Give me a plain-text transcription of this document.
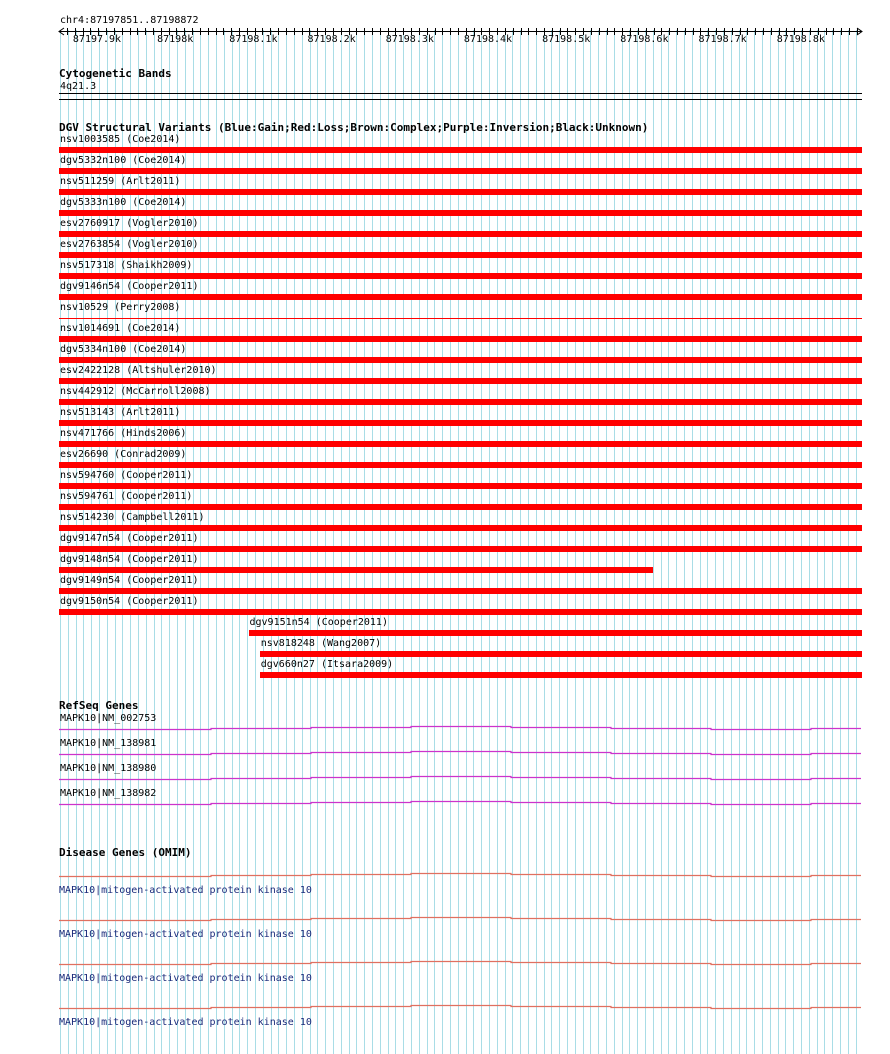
chr4:87197851..87198872
87197.9k	87198k	87198.1k	87198.2k	87198.3k	87198.4k	87198.5k	87198.6k	87198.7k	87198.8k
Cytogenetic Bands
4q21.3
DGV Structural Variants (Blue:Gain;Red:Loss;Brown:Complex;Purple:Inversion;Black:Unknown)
nsv1003585 (Coe2014)
dgv5332n100 (Coe2014)
nsv511259 (Arlt2011)
dgv5333n100 (Coe2014)
esv2760917 (Vogler2010)
esv2763854 (Vogler2010)
nsv517318 (Shaikh2009)
dgv9146n54 (Cooper2011)
nsv10529 (Perry2008)
nsv1014691 (Coe2014)
dgv5334n100 (Coe2014)
esv2422128 (Altshuler2010)
nsv442912 (McCarroll2008)
nsv513143 (Arlt2011)
nsv471766 (Hinds2006)
esv26690 (Conrad2009)
nsv594760 (Cooper2011)
nsv594761 (Cooper2011)
nsv514230 (Campbell2011)
dgv9147n54 (Cooper2011)
dgv9148n54 (Cooper2011)
dgv9149n54 (Cooper2011)
dgv9150n54 (Cooper2011)
dgv9151n54 (Cooper2011)
nsv818248 (Wang2007)
dgv660n27 (Itsara2009)
RefSeq Genes
MAPK10|NM_002753
MAPK10|NM_138981
MAPK10|NM_138980
MAPK10|NM_138982
Disease Genes (OMIM)
MAPK10|mitogen-activated protein kinase 10
MAPK10|mitogen-activated protein kinase 10
MAPK10|mitogen-activated protein kinase 10
MAPK10|mitogen-activated protein kinase 10
